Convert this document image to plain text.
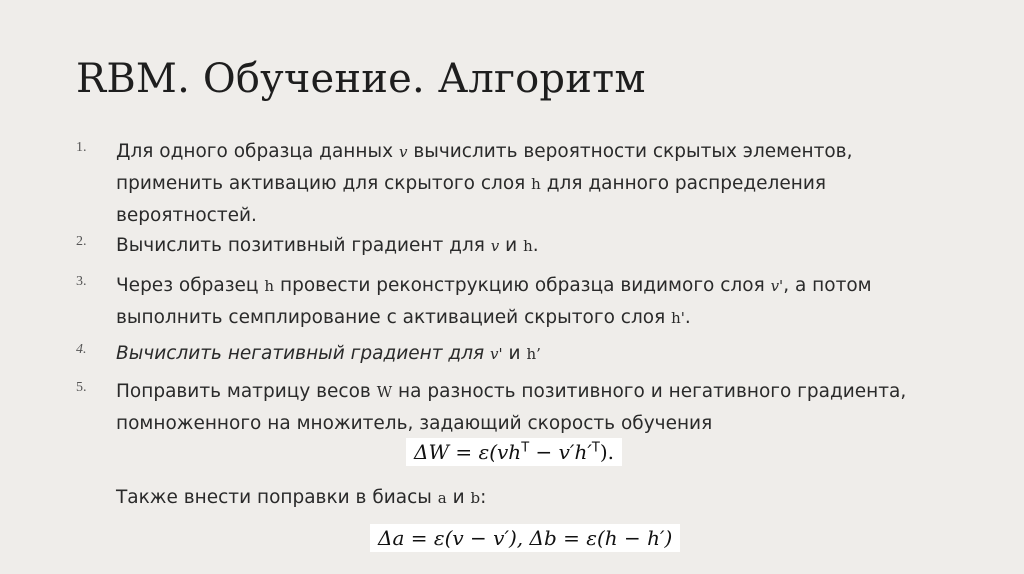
RBM. Обучение. Алгоритм
1. Для одного образца данных v вычислить вероятности скрытых элементов, применить активацию для скрытого слоя h для данного распределения вероятностей.
2. Вычислить позитивный градиент для v и h.
3. Через образец h провести реконструкцию образца видимого слоя v', а потом выполнить семплирование с активацией скрытого слоя h'.
4. Вычислить негативный градиент для v' и h’
5. Поправить матрицу весов W на разность позитивного и негативного градиента, помноженного на множитель, задающий скорость обучения
$\Delta W = \varepsilon(vh^T - v'h'^T)$.
Также внести поправки в биасы a и b:
Δa = ε(v − v′), Δb = ε(h − h′)
